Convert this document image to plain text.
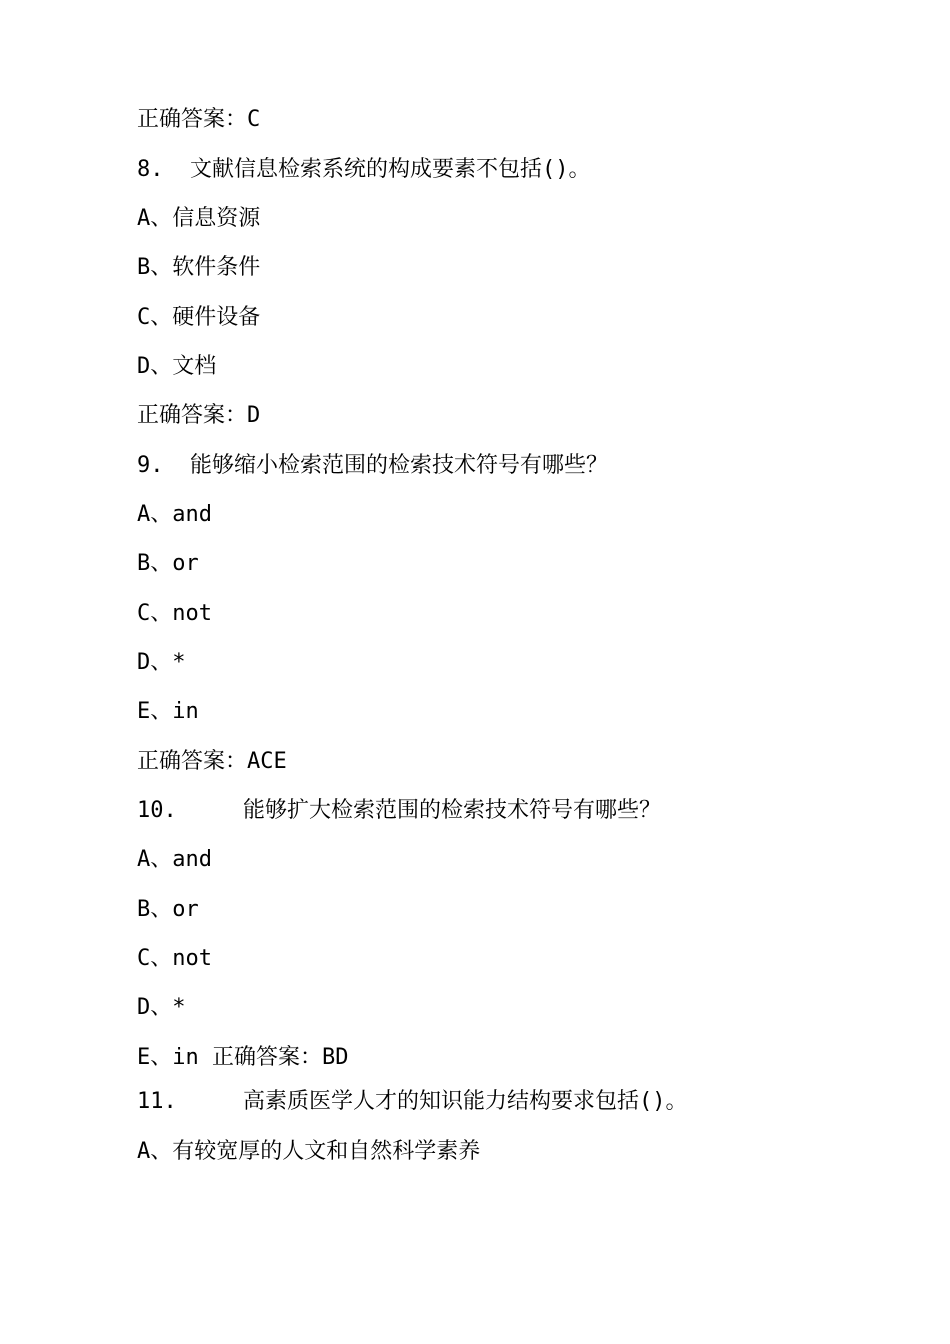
正确答案：C
8.  文献信息检索系统的构成要素不包括()。
A、信息资源
B、软件条件
C、硬件设备
D、文档
正确答案：D
9.  能够缩小检索范围的检索技术符号有哪些？
A、and
B、or
C、not
D、*
E、in
正确答案：ACE
10.     能够扩大检索范围的检索技术符号有哪些？
A、and
B、or
C、not
D、*
E、in 正确答案：BD
11.     高素质医学人才的知识能力结构要求包括()。
A、有较宽厚的人文和自然科学素养
